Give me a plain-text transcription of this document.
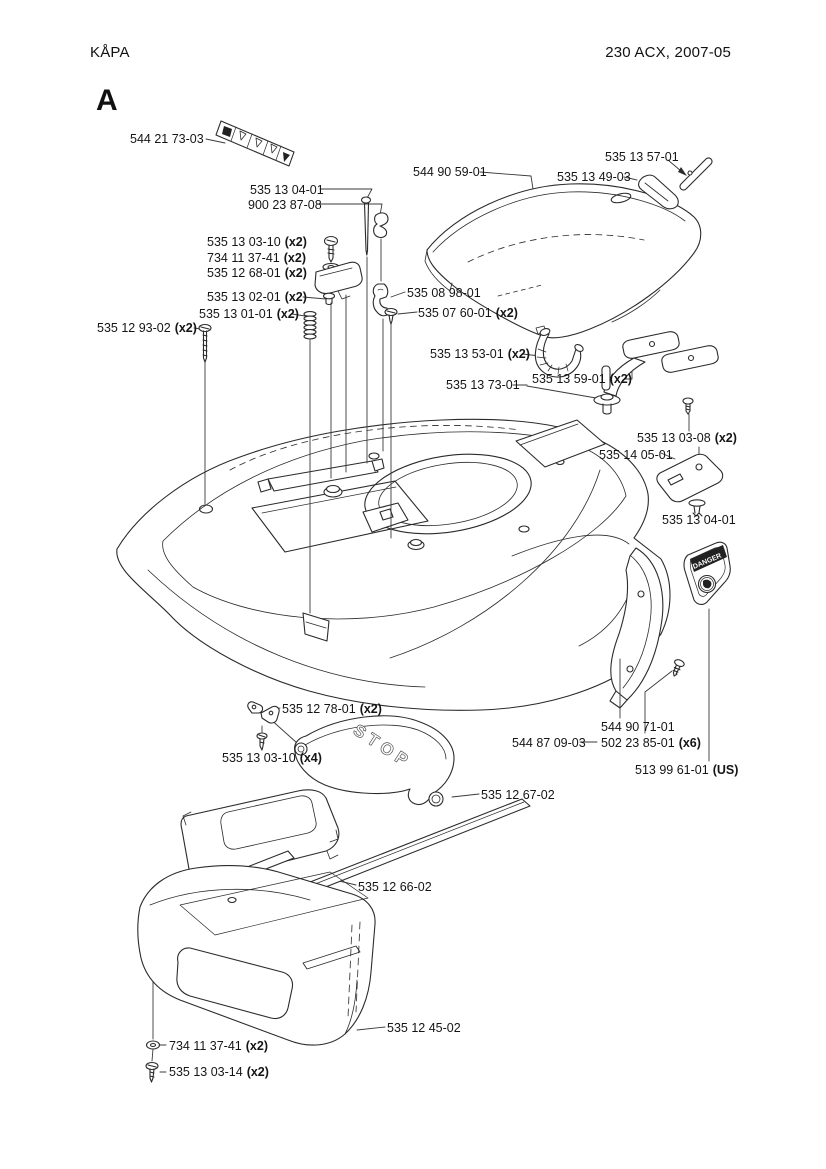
KÅPA	230 ACX, 2007-05
A
DANGER
STOP
544 21 73-03
535 13 04-01
900 23 87-08
535 13 03-10 (x2)
734 11 37-41 (x2)
535 12 68-01 (x2)
535 13 02-01 (x2)
535 13 01-01 (x2)
535 12 93-02 (x2)
544 90 59-01
535 13 57-01
535 13 49-03
535 08 98-01
535 07 60-01 (x2)
535 13 53-01 (x2)
535 13 73-01 535 13 59-01 (x2)
535 13 03-08 (x2)
535 14 05-01
535 13 04-01
535 12 78-01 (x2)
535 13 03-10 (x4)
535 12 67-02
535 12 66-02
544 90 71-01
544 87 09-03 502 23 85-01 (x6)
513 99 61-01 (US)
535 12 45-02
734 11 37-41 (x2)
535 13 03-14 (x2)
